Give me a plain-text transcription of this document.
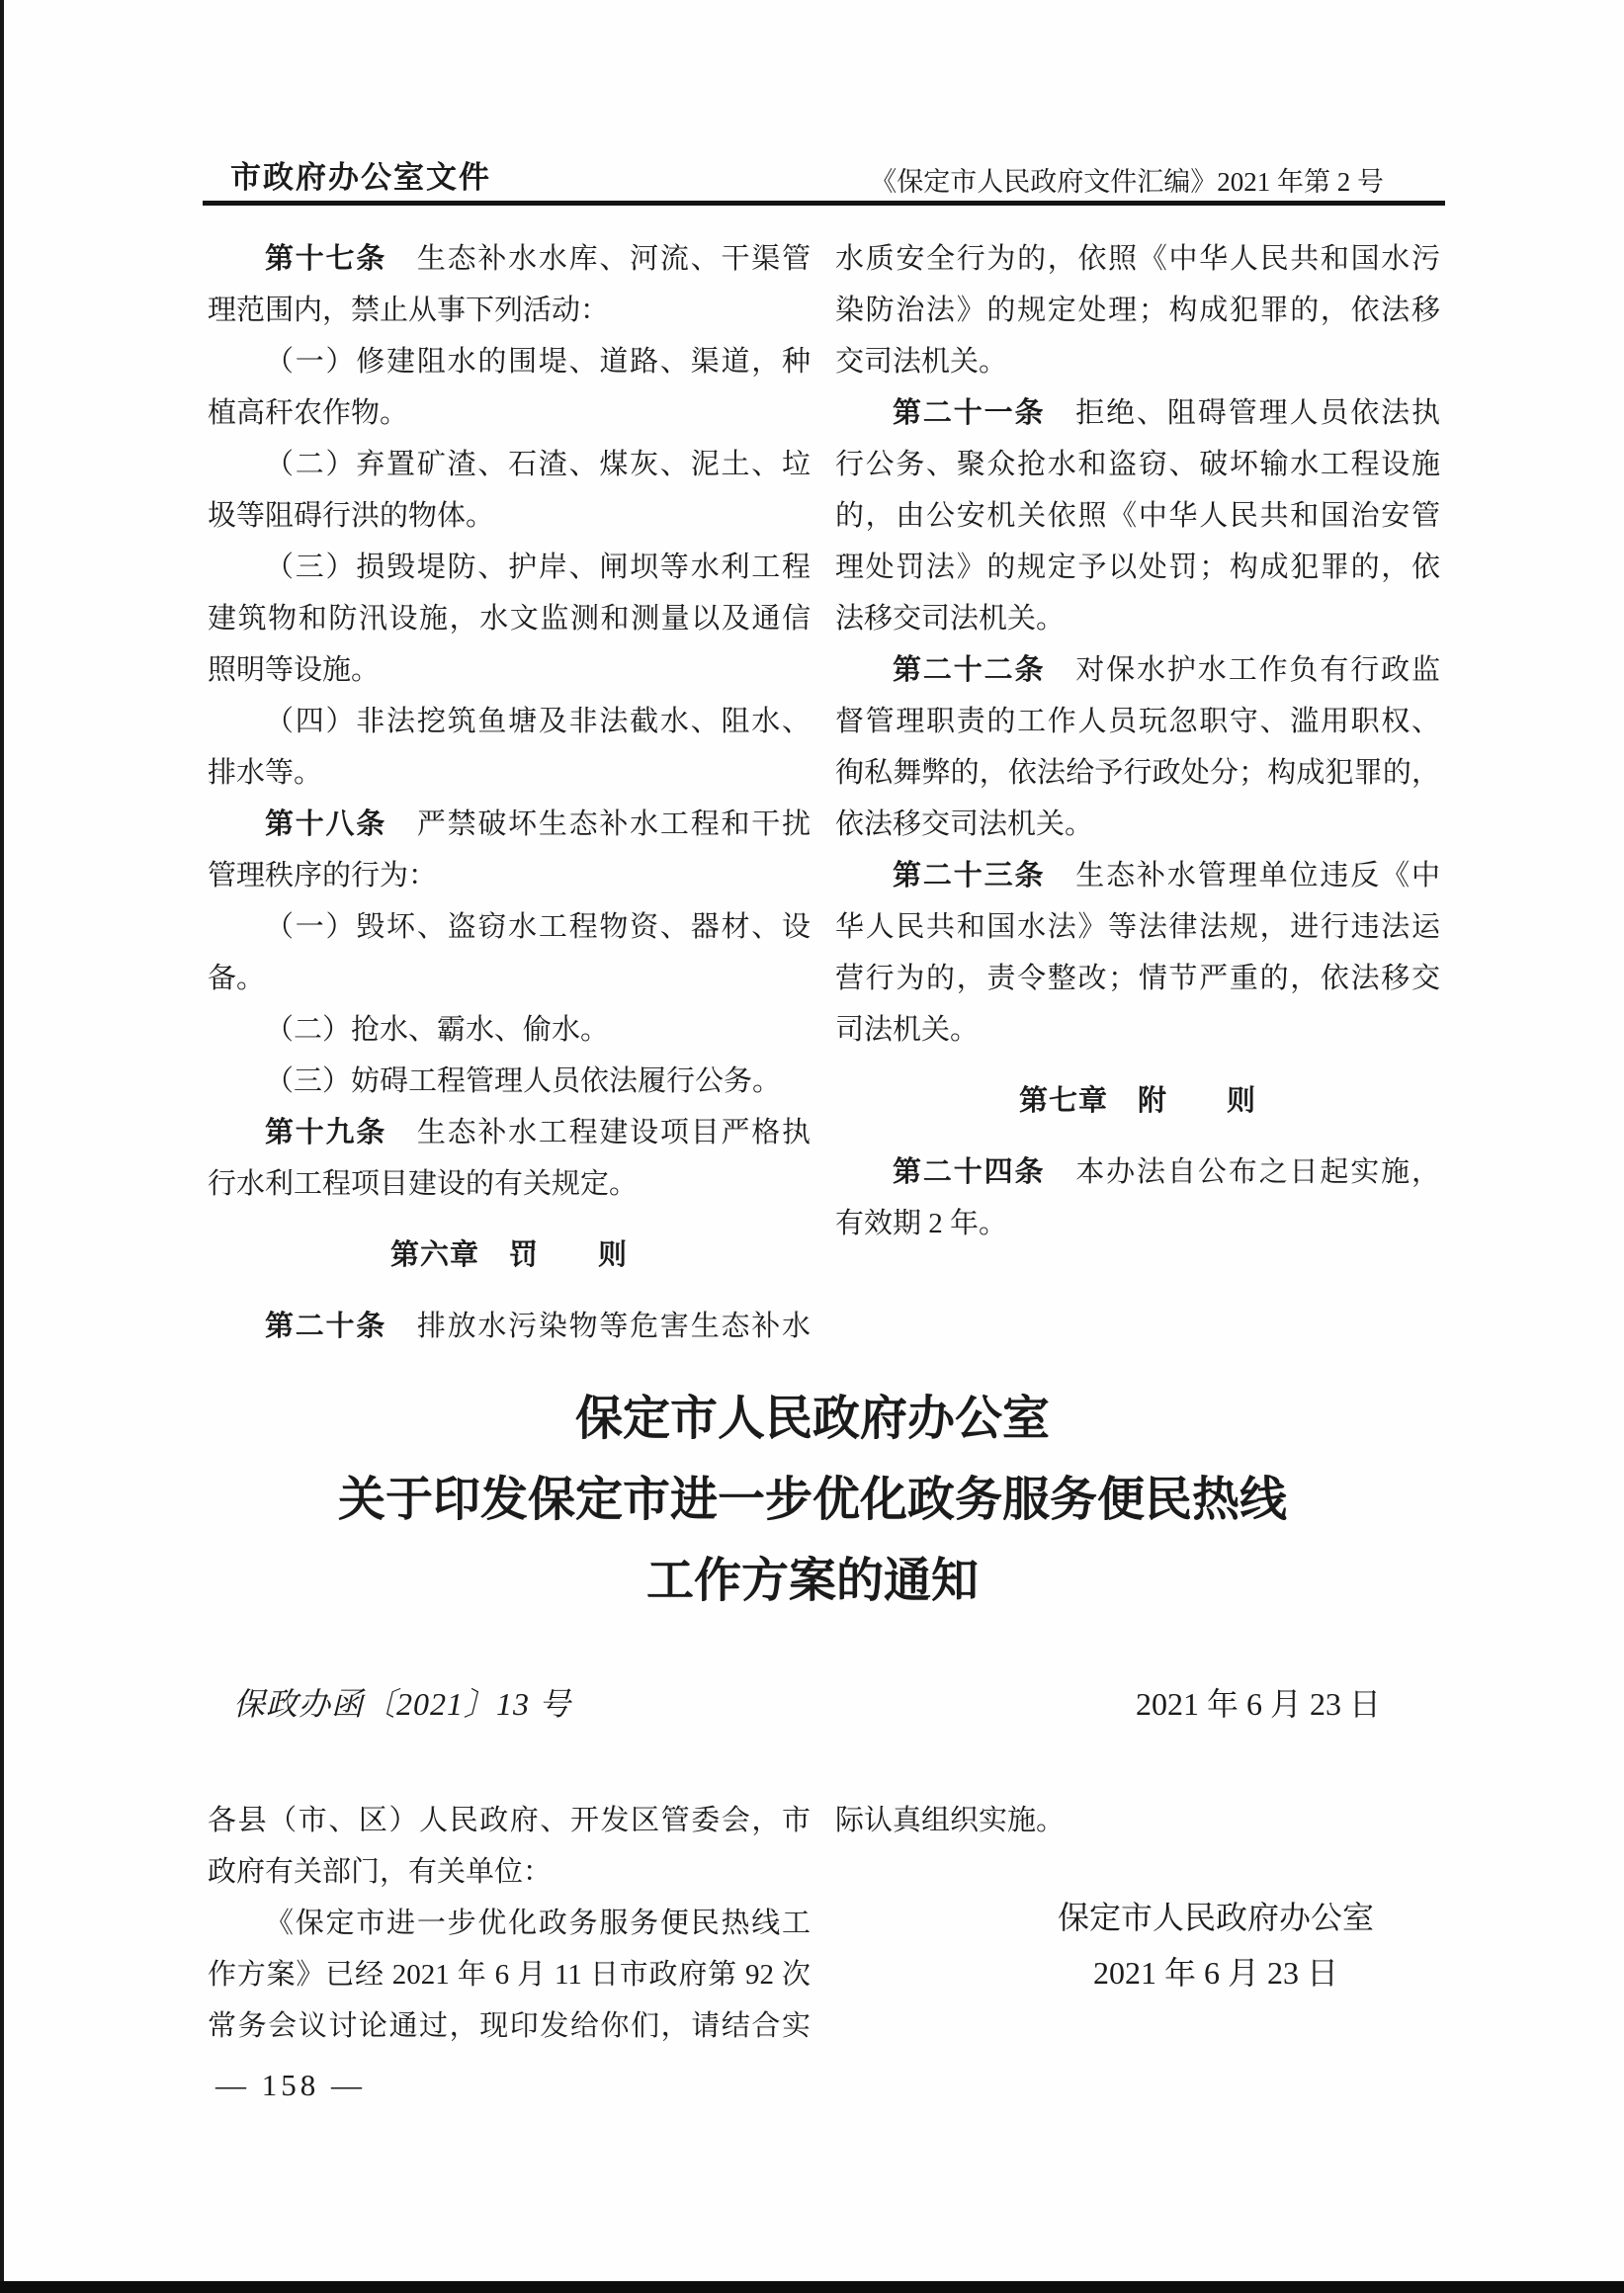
市政府办公室文件	《保定市人民政府文件汇编》2021 年第 2 号
第十七条　生态补水水库、河流、干渠管
理范围内，禁止从事下列活动：
（一）修建阻水的围堤、道路、渠道，种
植高秆农作物。
（二）弃置矿渣、石渣、煤灰、泥土、垃
圾等阻碍行洪的物体。
（三）损毁堤防、护岸、闸坝等水利工程
建筑物和防汛设施，水文监测和测量以及通信
照明等设施。
（四）非法挖筑鱼塘及非法截水、阻水、
排水等。
第十八条　严禁破坏生态补水工程和干扰
管理秩序的行为：
（一）毁坏、盗窃水工程物资、器材、设
备。
（二）抢水、霸水、偷水。
（三）妨碍工程管理人员依法履行公务。
第十九条　生态补水工程建设项目严格执
行水利工程项目建设的有关规定。
第六章　罚　　则
第二十条　排放水污染物等危害生态补水
水质安全行为的，依照《中华人民共和国水污
染防治法》的规定处理；构成犯罪的，依法移
交司法机关。
第二十一条　拒绝、阻碍管理人员依法执
行公务、聚众抢水和盗窃、破坏输水工程设施
的，由公安机关依照《中华人民共和国治安管
理处罚法》的规定予以处罚；构成犯罪的，依
法移交司法机关。
第二十二条　对保水护水工作负有行政监
督管理职责的工作人员玩忽职守、滥用职权、
徇私舞弊的，依法给予行政处分；构成犯罪的，
依法移交司法机关。
第二十三条　生态补水管理单位违反《中
华人民共和国水法》等法律法规，进行违法运
营行为的，责令整改；情节严重的，依法移交
司法机关。
第七章　附　　则
第二十四条　本办法自公布之日起实施，
有效期 2 年。
保定市人民政府办公室
关于印发保定市进一步优化政务服务便民热线
工作方案的通知
保政办函〔2021〕13 号	2021 年 6 月 23 日
各县（市、区）人民政府、开发区管委会，市
政府有关部门，有关单位：
《保定市进一步优化政务服务便民热线工
作方案》已经 2021 年 6 月 11 日市政府第 92 次
常务会议讨论通过，现印发给你们，请结合实
际认真组织实施。
保定市人民政府办公室
2021 年 6 月 23 日
— 158 —
